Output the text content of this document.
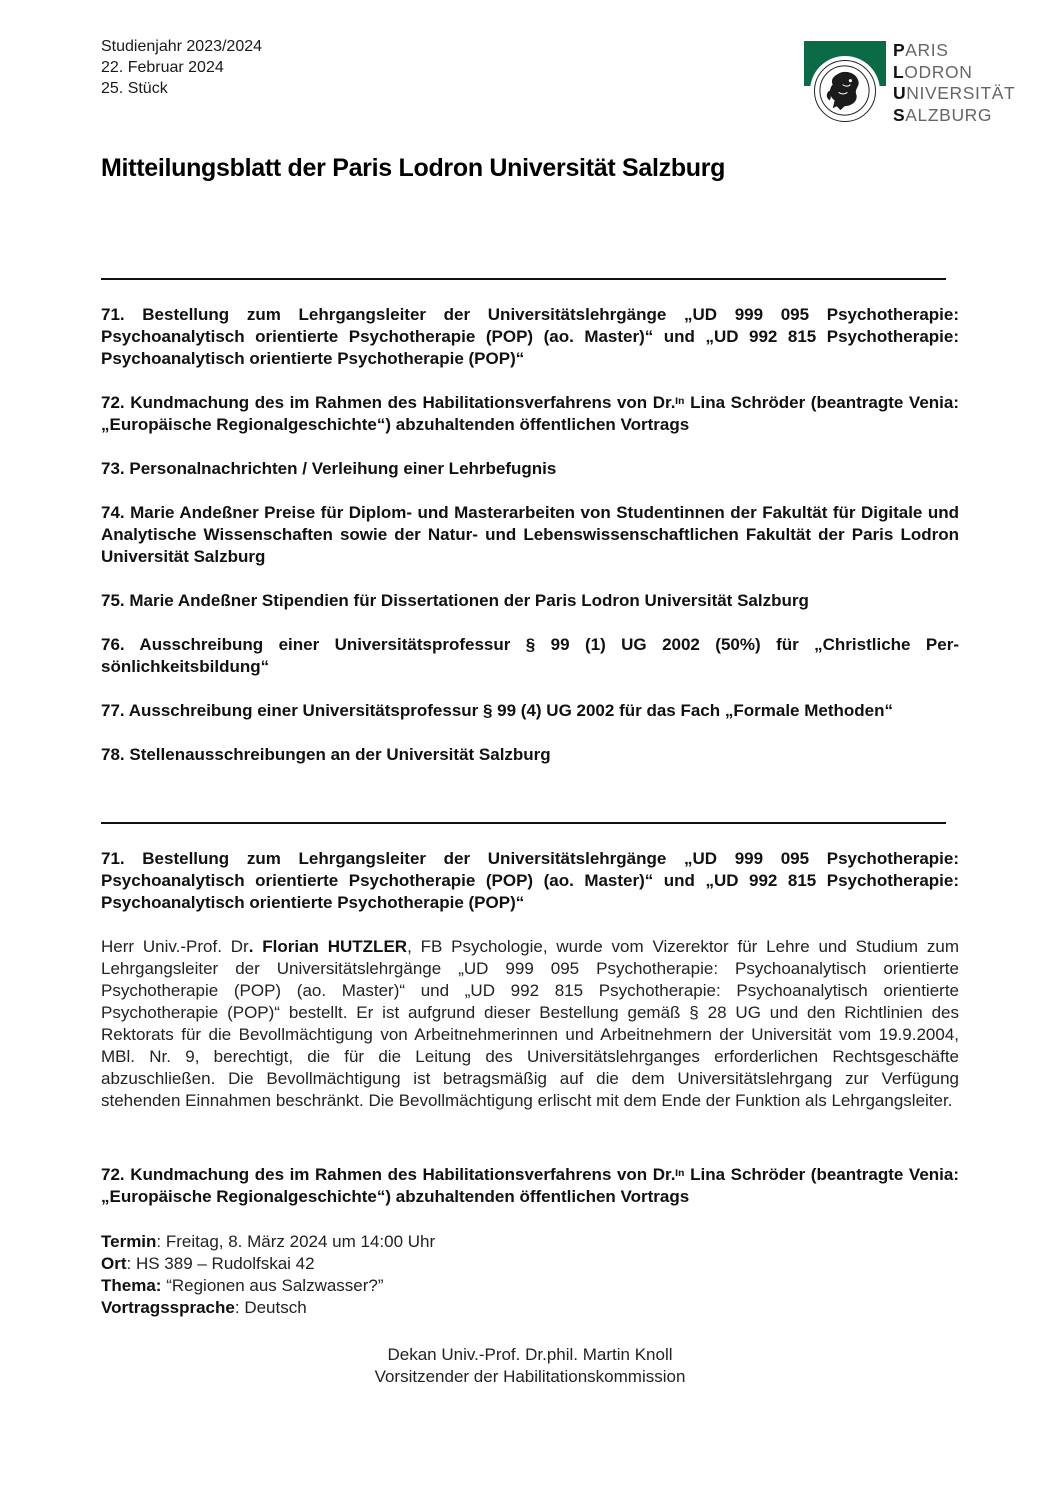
Studienjahr 2023/2024
22. Februar 2024
25. Stück
PARIS
LODRON
UNIVERSITÄT
SALZBURG
Mitteilungsblatt der Paris Lodron Universität Salzburg
71. Bestellung zum Lehrgangsleiter der Universitätslehrgänge „UD 999 095 Psychotherapie: Psychoanalytisch orientierte Psychotherapie (POP) (ao. Master)“ und „UD 992 815 Psychotherapie: Psychoanalytisch orientierte Psychotherapie (POP)“
72. Kundmachung des im Rahmen des Habilitationsverfahrens von Dr.ᶦⁿ Lina Schröder (beantragte Venia: „Europäische Regionalgeschichte“) abzuhaltenden öffentlichen Vortrags
73. Personalnachrichten / Verleihung einer Lehrbefugnis
74. Marie Andeßner Preise für Diplom- und Masterarbeiten von Studentinnen der Fakultät für Digitale und Analytische Wissenschaften sowie der Natur- und Lebenswissenschaftlichen Fakultät der Paris Lodron Universität Salzburg
75. Marie Andeßner Stipendien für Dissertationen der Paris Lodron Universität Salzburg
76. Ausschreibung einer Universitätsprofessur § 99 (1) UG 2002 (50%) für „Christliche Persönlichkeitsbildung“
77. Ausschreibung einer Universitätsprofessur § 99 (4) UG 2002 für das Fach „Formale Methoden“
78. Stellenausschreibungen an der Universität Salzburg
71. Bestellung zum Lehrgangsleiter der Universitätslehrgänge „UD 999 095 Psychotherapie: Psychoanalytisch orientierte Psychotherapie (POP) (ao. Master)“ und „UD 992 815 Psychotherapie: Psychoanalytisch orientierte Psychotherapie (POP)“
Herr Univ.-Prof. Dr. Florian HUTZLER, FB Psychologie, wurde vom Vizerektor für Lehre und Studium zum Lehrgangsleiter der Universitätslehrgänge „UD 999 095 Psychotherapie: Psychoanalytisch orientierte Psychotherapie (POP) (ao. Master)“ und „UD 992 815 Psychotherapie: Psychoanalytisch orientierte Psychotherapie (POP)“ bestellt. Er ist aufgrund dieser Bestellung gemäß § 28 UG und den Richtlinien des Rektorats für die Bevollmächtigung von Arbeitnehmerinnen und Arbeitnehmern der Universität vom 19.9.2004, MBl. Nr. 9, berechtigt, die für die Leitung des Universitätslehrganges erforderlichen Rechtsgeschäfte abzuschließen. Die Bevollmächtigung ist betragsmäßig auf die dem Universitätslehrgang zur Verfügung stehenden Einnahmen beschränkt. Die Bevollmächtigung erlischt mit dem Ende der Funktion als Lehrgangsleiter.
72. Kundmachung des im Rahmen des Habilitationsverfahrens von Dr.ᶦⁿ Lina Schröder (beantragte Venia: „Europäische Regionalgeschichte“) abzuhaltenden öffentlichen Vortrags
Termin: Freitag, 8. März 2024 um 14:00 Uhr
Ort: HS 389 – Rudolfskai 42
Thema: “Regionen aus Salzwasser?”
Vortragssprache: Deutsch
Dekan Univ.-Prof. Dr.phil. Martin Knoll
Vorsitzender der Habilitationskommission
